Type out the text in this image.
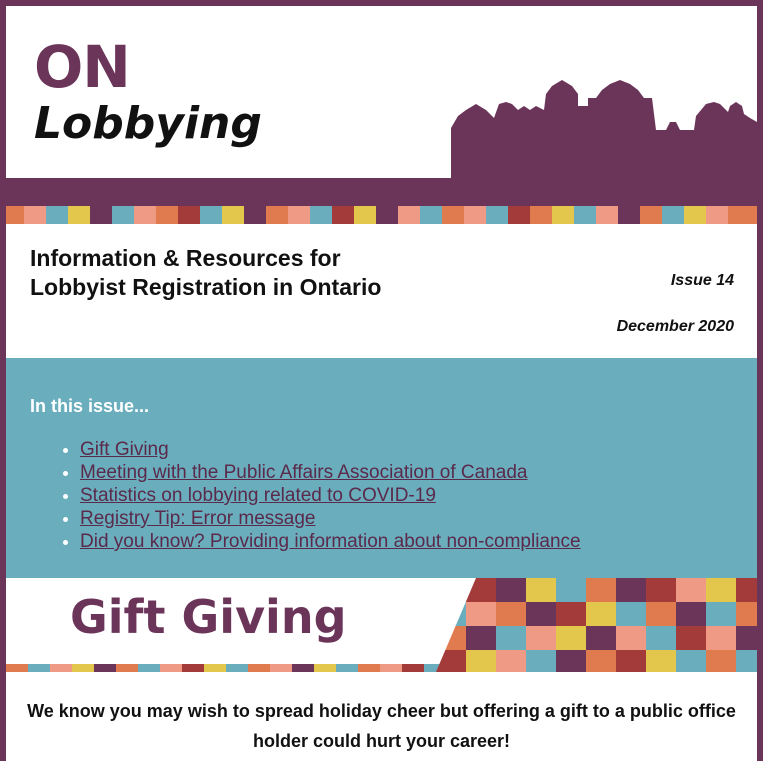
ON
Lobbying
Information & Resources for Lobbyist Registration in Ontario	Issue 14
December 2020
In this issue...
• Gift Giving
• Meeting with the Public Affairs Association of Canada
• Statistics on lobbying related to COVID-19
• Registry Tip: Error message
• Did you know? Providing information about non-compliance
Gift Giving
We know you may wish to spread holiday cheer but offering a gift to a public office holder could hurt your career!
